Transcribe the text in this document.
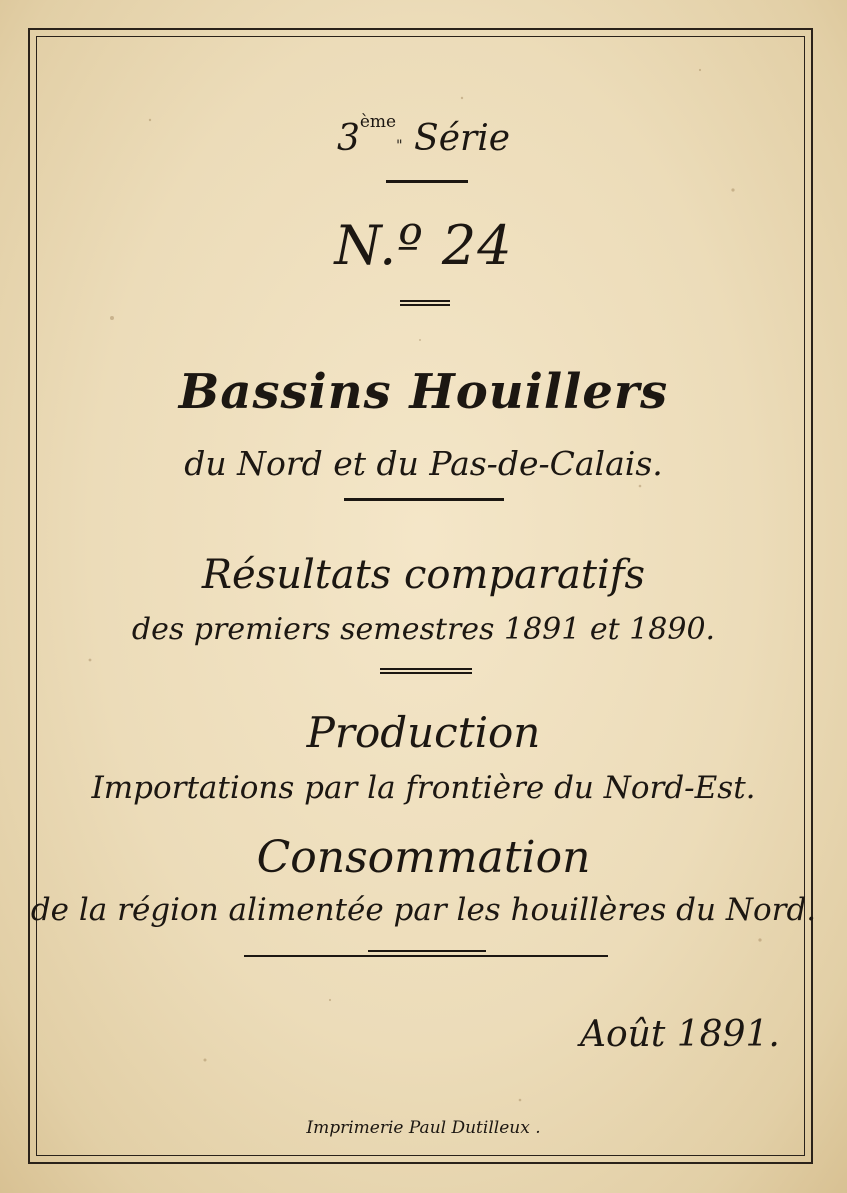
3ème" Série
N.º 24
Bassins Houillers
du Nord et du Pas-de-Calais.
Résultats comparatifs
des premiers semestres 1891 et 1890.
Production
Importations par la frontière du Nord-Est.
Consommation
de la région alimentée par les houillères du Nord.
Août 1891.
Imprimerie Paul Dutilleux .
